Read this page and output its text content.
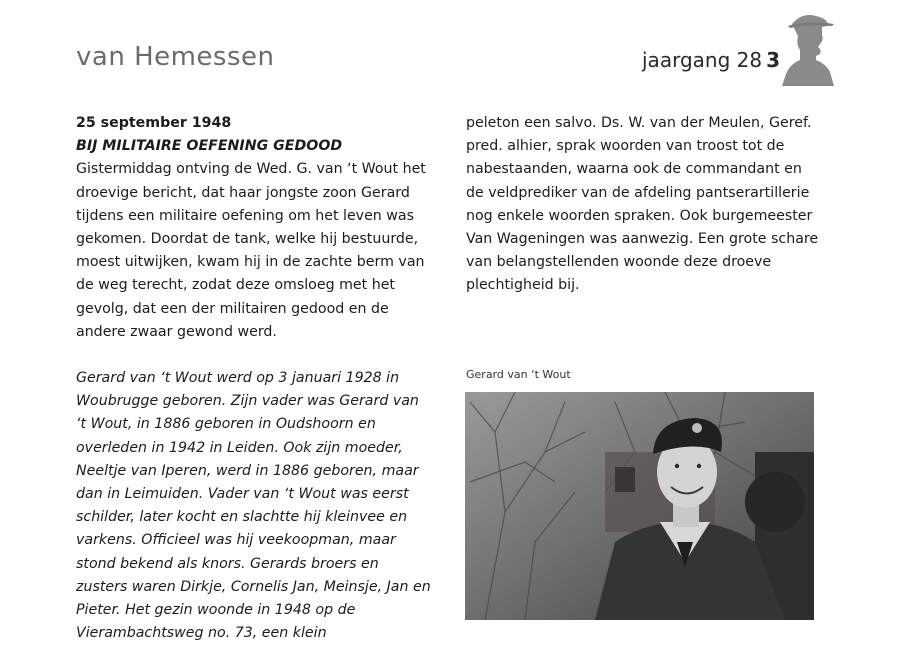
van Hemessen	jaargang 28 3

25 september 1948

BIJ MILITAIRE OEFENING GEDOOD

Gistermiddag ontving de Wed. G. van ‘t Wout het droevige bericht, dat haar jongste zoon Gerard tijdens een militaire oefening om het leven was gekomen. Doordat de tank, welke hij bestuurde, moest uitwijken, kwam hij in de zachte berm van de weg terecht, zodat deze omsloeg met het gevolg, dat een der militairen gedood en de andere zwaar gewond werd.

Gerard van ‘t Wout werd op 3 januari 1928 in Woubrugge geboren. Zijn vader was Gerard van ‘t Wout, in 1886 geboren in Oudshoorn en overleden in 1942 in Leiden. Ook zijn moeder, Neeltje van Iperen, werd in 1886 geboren, maar dan in Leimuiden. Vader van ‘t Wout was eerst schilder, later kocht en slachtte hij kleinvee en varkens. Officieel was hij veekoopman, maar stond bekend als knors. Gerards broers en zusters waren Dirkje, Cornelis Jan, Meinsje, Jan en Pieter. Het gezin woonde in 1948 op de Vierambachtsweg no. 73, een klein

peleton een salvo. Ds. W. van der Meulen, Geref. pred. alhier, sprak woorden van troost tot de nabestaanden, waarna ook de commandant en de veldprediker van de afdeling pantserartillerie nog enkele woorden spraken. Ook burgemeester Van Wageningen was aanwezig. Een grote schare van belangstellenden woonde deze droeve plechtigheid bij.

Gerard van ‘t Wout
